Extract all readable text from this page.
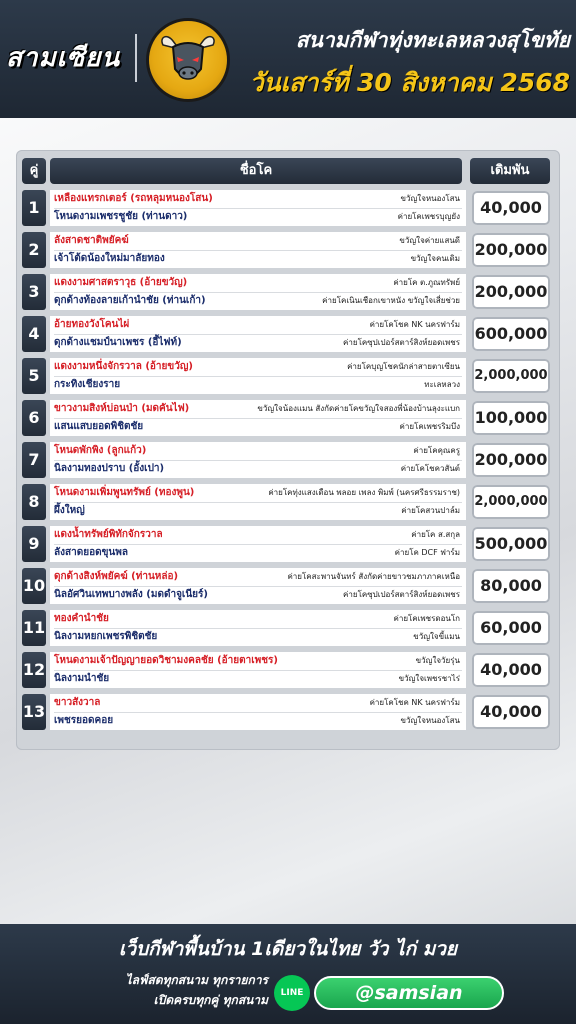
สามเซียน
สนามกีฬาทุ่งทะเลหลวงสุโขทัย
วันเสาร์ที่ 30 สิงหาคม 2568
คู่	ชื่อโค	เดิมพัน
1	เหลืองแทรกเตอร์ (รถหลุมหนองโสน)	ขวัญใจหนองโสน
โหนดงามเพชรชูชัย (ท่านดาว)	ค่ายโคเพชรบุญยัง	40,000
2	ลังสาดชาติพยัคฆ์	ขวัญใจค่ายแสนดี
เจ้าโต้ดน้องใหม่มาลัยทอง	ขวัญใจคนเดิม 200,000
3	แดงงามศาสตราวุธ (อ้ายขวัญ)	ค่ายโค ต.ภูณทรัพย์
ดุกด้างท้องลายเก้านำชัย (ท่านเก้า)	ค่ายโคเนินเชือกเขาหนัง ขวัญใจเสี่ยช่วย 200,000
4	อ้ายทองวังโคนไผ่	ค่ายโคโชค NK นครฟาร์ม
ดุกด้างแชมป์นาเพชร (อี้ไฟท์)	ค่ายโคซุปเปอร์สตาร์สิงห์ยอดเพชร 600,000
5	แดงงามหนึ่งจักรวาล (อ้ายขวัญ)	ค่ายโคบุญโชคนักล่าสายตาเซียน
กระทิงเชียงราย	ทะเลหลวง
2,000,000
6	ขาวงามสิงห์บ่อนป่า (มดคันไฟ)	ขวัญใจน้องแมน สังกัดค่ายโคขวัญใจสองพี่น้องบ้านลุงะแบก
แสนแสบยอดพิชิตชัย	ค่ายโคเพชรริมบึง 100,000
7	โหนดพักพิง (ลูกแก้ว)	ค่ายโคคุณครู
นิลงามทองปราบ (อั้งเปา)	ค่ายโคโชควสันต์ 200,000
8	โหนดงามเพิ่มพูนทรัพย์ (ทองพูน)	ค่ายโคทุ่งแสงเดือน พลอย เพลง พิมพ์ (นครศรีธรรมราช)
ผึ้งใหญ่	ค่ายโคสวนปาล์ม
2,000,000
9	แดงน้ำทรัพย์พิทักจักรวาล	ค่ายโค ส.สกุล
ลังสาดยอดขุนพล	ค่ายโค DCF ฟาร์ม 500,000
10 ดุกด้างสิงห์พยัคฆ์ (ท่านหล่อ)	ค่ายโคสะพานจันทร์ สังกัดค่ายขาวชมภาภาคเหนือ
นิลอัศวินเทพบางพลัง (มดดำจูเนียร์)	ค่ายโคซุปเปอร์สตาร์สิงห์ยอดเพชร	80,000
11 ทองคำนำชัย	ค่ายโคเพชรดอนโก
นิลงามหยกเพชรพิชิตชัย	ขวัญใจขี้แมน	60,000
12 โหนดงามเจ้าปัญญายอดวิชามงคลชัย (อ้ายตาเพชร)	ขวัญใจวัยรุ่น
นิลงามนำชัย	ขวัญใจเพชรชาไร่	40,000
13 ขาวสังวาล	ค่ายโคโชค NK นครฟาร์ม
เพชรยอดคอย	ขวัญใจหนองโสน	40,000
เว็บกีฬาพื้นบ้าน 1เดียวในไทย วัว ไก่ มวย
ไลฟ์สดทุกสนาม ทุกรายการ
เปิดครบทุกคู่ ทุกสนาม	LINE	@samsian
